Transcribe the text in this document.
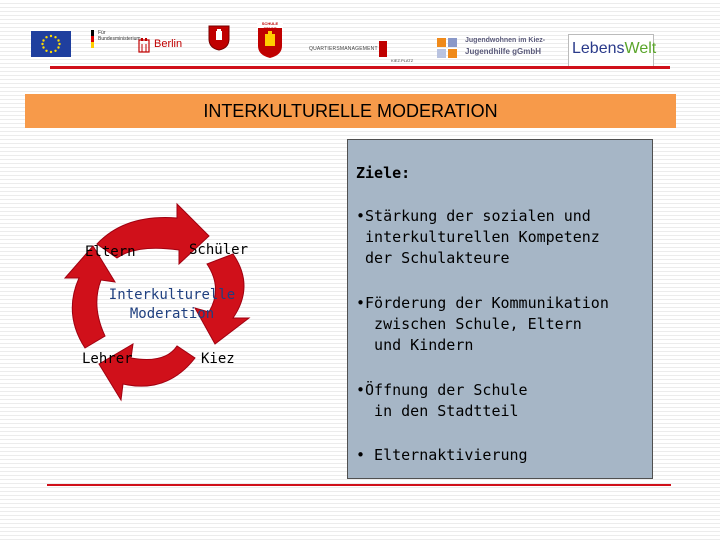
Für Bundesministerium Berlin
SCHULE STADT
QUARTIERSMANAGEMENT
KIEZ.PLATZ
Jugendwohnen im Kiez-
Jugendhilfe gGmbH LebensWelt
INTERKULTURELLE MODERATION
Eltern	Schüler
Interkulturelle
Moderation
Lehrer	Kiez
Ziele:
•Stärkung der sozialen und
interkulturellen Kompetenz
der Schulakteure
•Förderung der Kommunikation
zwischen Schule, Eltern
und Kindern
•Öffnung der Schule
in den Stadtteil
• Elternaktivierung
